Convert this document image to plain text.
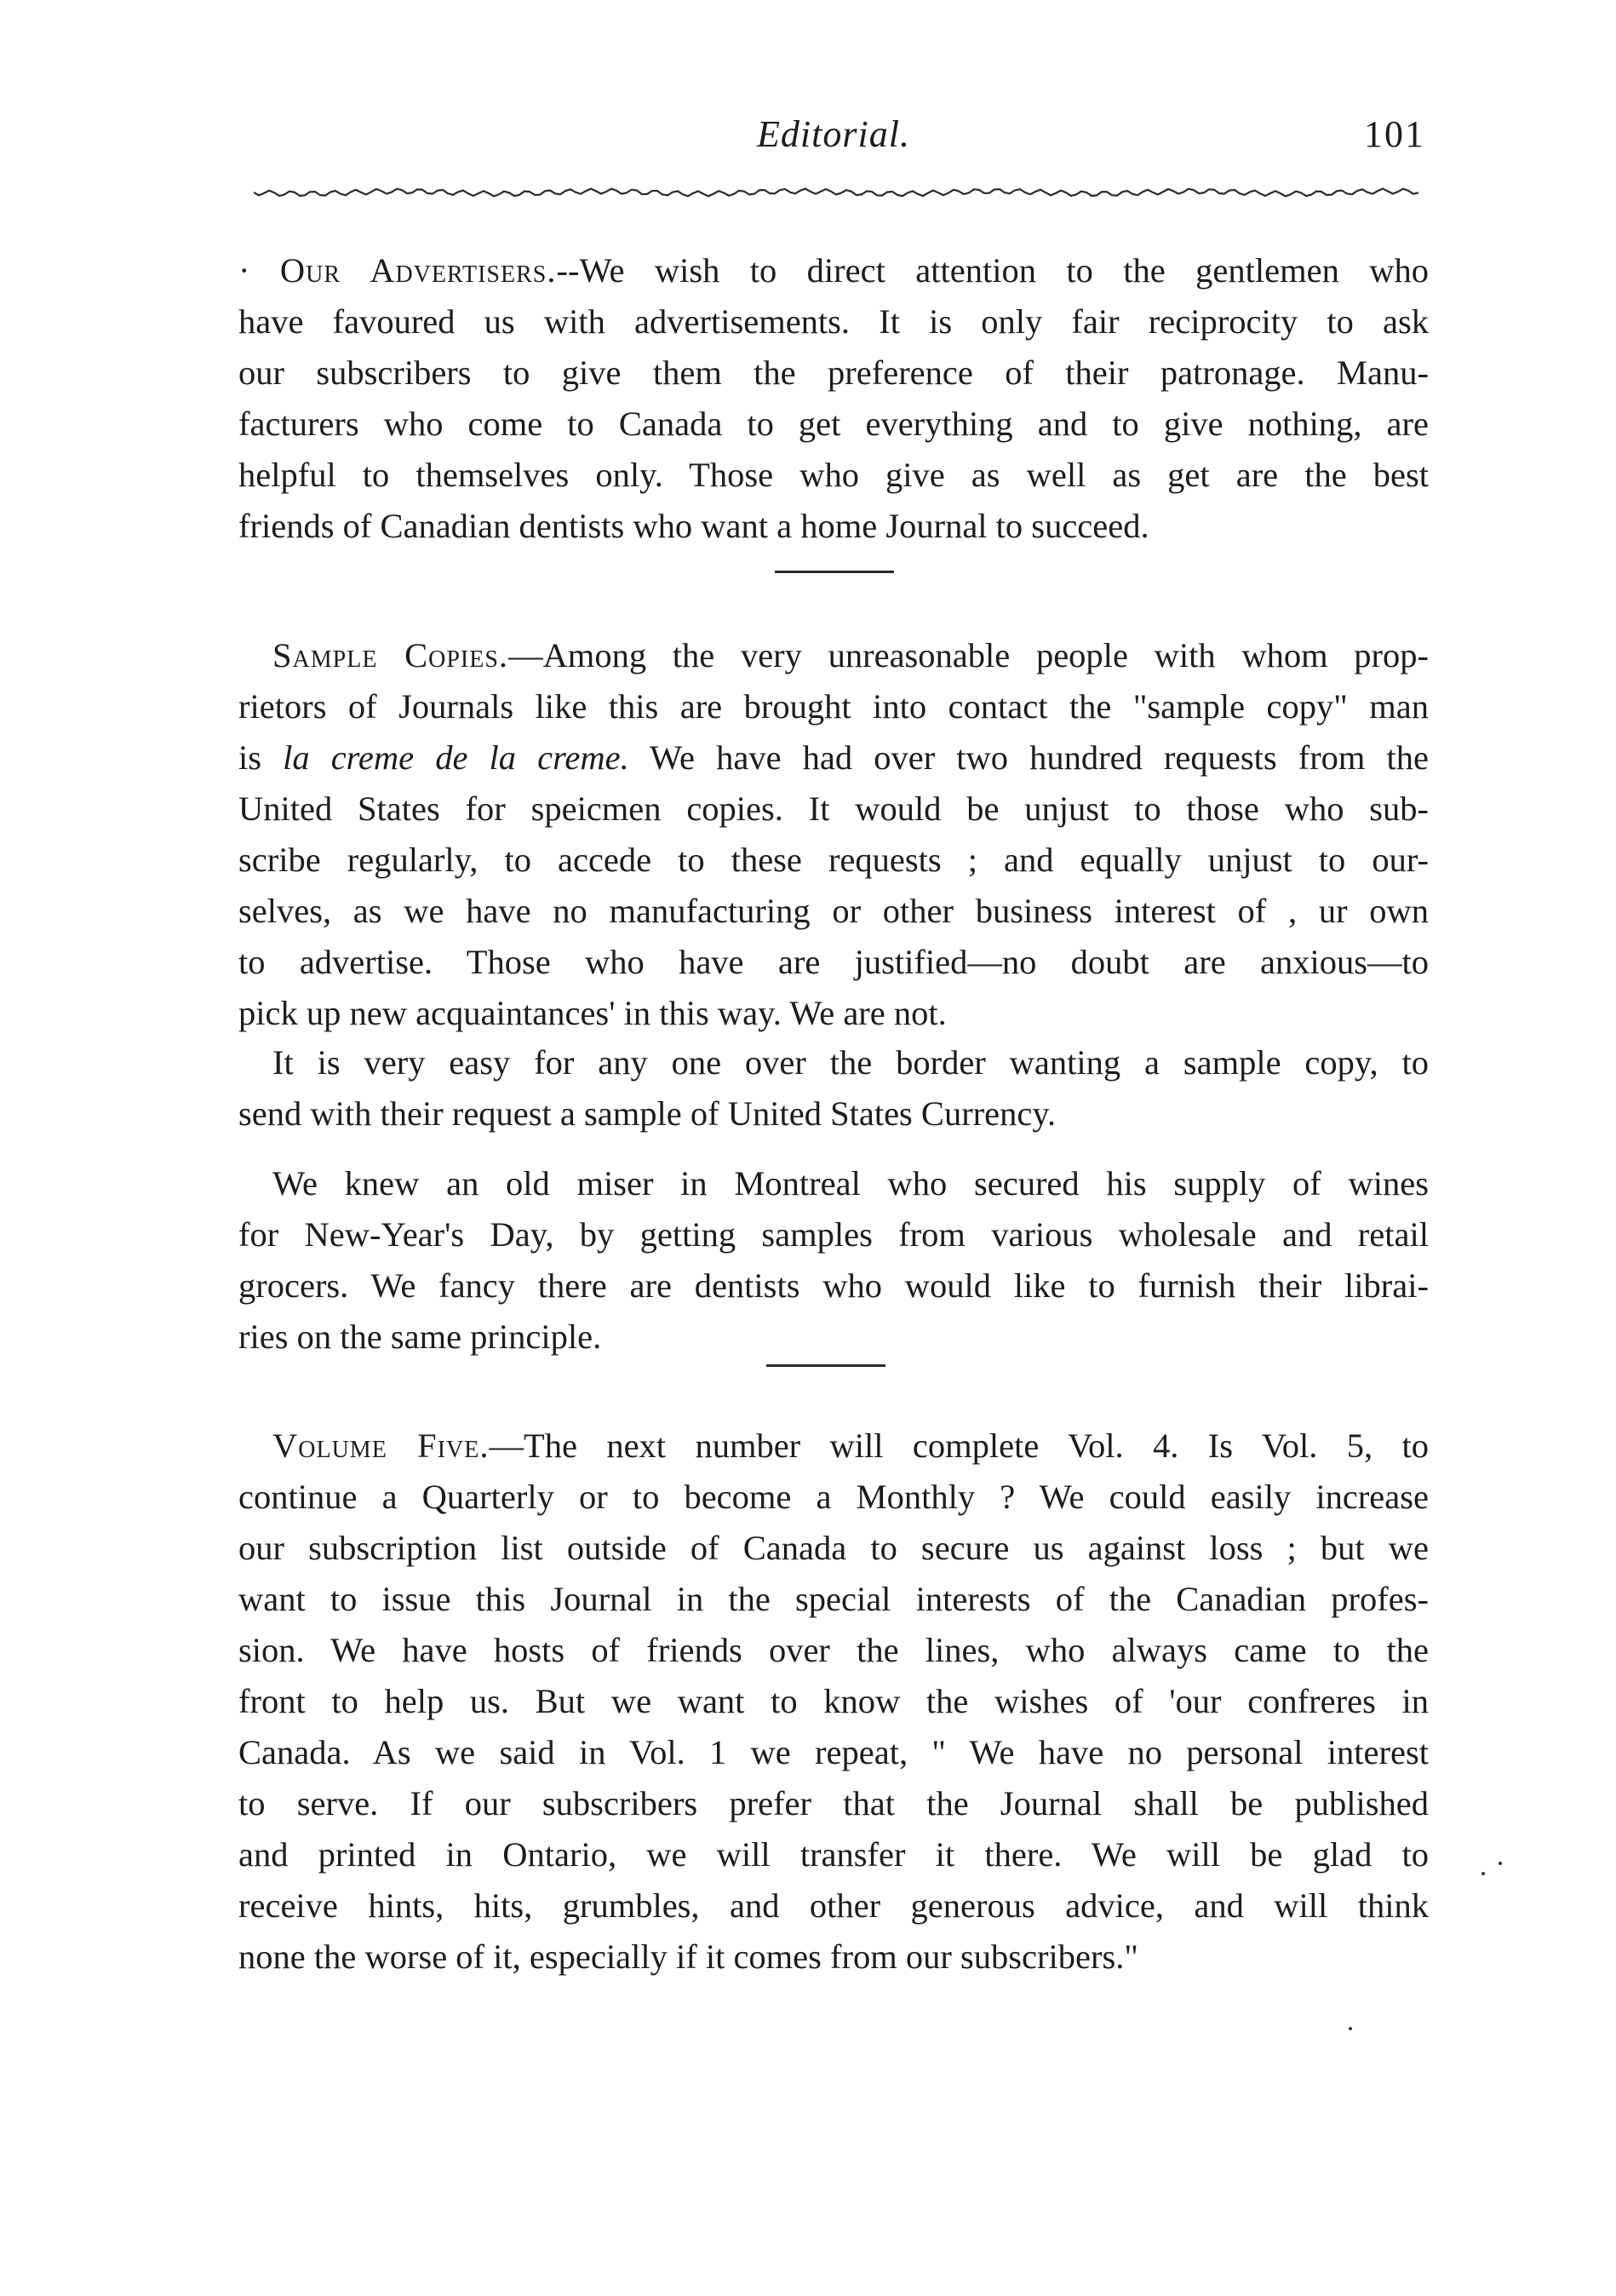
Editorial.	101

· Our Advertisers.--We wish to direct attention to the gentlemen who
have favoured us with advertisements. It is only fair reciprocity to ask
our subscribers to give them the preference of their patronage. Manu-
facturers who come to Canada to get everything and to give nothing, are
helpful to themselves only. Those who give as well as get are the best
friends of Canadian dentists who want a home Journal to succeed.

Sample Copies.—Among the very unreasonable people with whom prop-
rietors of Journals like this are brought into contact the "sample copy" man
is la creme de la creme. We have had over two hundred requests from the
United States for speicmen copies. It would be unjust to those who sub-
scribe regularly, to accede to these requests ; and equally unjust to our-
selves, as we have no manufacturing or other business interest of , ur own
to advertise. Those who have are justified—no doubt are anxious—to
pick up new acquaintances' in this way. We are not.

It is very easy for any one over the border wanting a sample copy, to
send with their request a sample of United States Currency.

We knew an old miser in Montreal who secured his supply of wines
for New-Year's Day, by getting samples from various wholesale and retail
grocers. We fancy there are dentists who would like to furnish their librai-
ries on the same principle.

Volume Five.—The next number will complete Vol. 4. Is Vol. 5, to
continue a Quarterly or to become a Monthly ? We could easily increase
our subscription list outside of Canada to secure us against loss ; but we
want to issue this Journal in the special interests of the Canadian profes-
sion. We have hosts of friends over the lines, who always came to the
front to help us. But we want to know the wishes of 'our confreres in
Canada. As we said in Vol. 1 we repeat, " We have no personal interest
to serve. If our subscribers prefer that the Journal shall be published
and printed in Ontario, we will transfer it there. We will be glad to
receive hints, hits, grumbles, and other generous advice, and will think
none the worse of it, especially if it comes from our subscribers."
